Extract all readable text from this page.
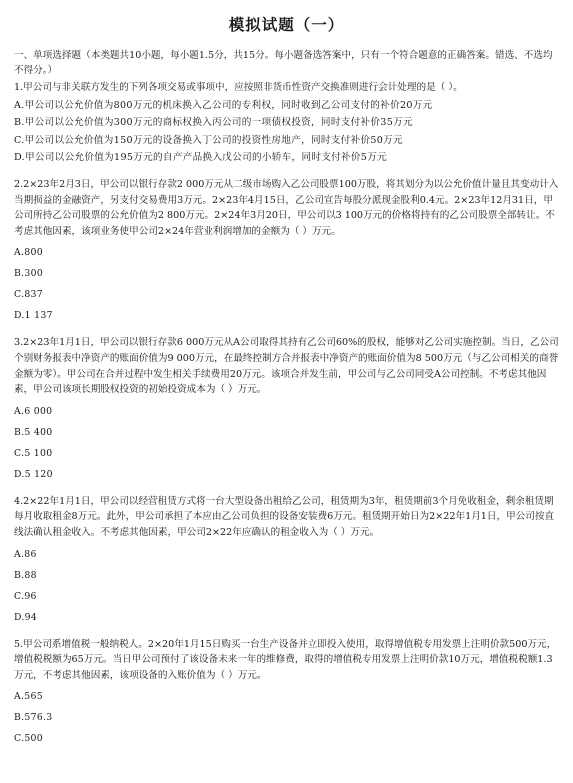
模拟试题（一）
一、单项选择题（本类题共10小题，每小题1.5分，共15分。每小题备选答案中，只有一个符合题意的正确答案。错选、不选均不得分。）
1.甲公司与非关联方发生的下列各项交易或事项中，应按照非货币性资产交换准则进行会计处理的是（ ）。
A.甲公司以公允价值为800万元的机床换入乙公司的专利权，同时收到乙公司支付的补价20万元
B.甲公司以公允价值为300万元的商标权换入丙公司的一项债权投资，同时支付补价35万元
C.甲公司以公允价值为150万元的设备换入丁公司的投资性房地产，同时支付补价50万元
D.甲公司以公允价值为195万元的自产产品换入戊公司的小轿车，同时支付补价5万元
2.2×23年2月3日，甲公司以银行存款2 000万元从二级市场购入乙公司股票100万股，将其划分为以公允价值计量且其变动计入当期损益的金融资产，另支付交易费用3万元。2×23年4月15日，乙公司宣告每股分派现金股利0.4元。2×23年12月31日，甲公司所持乙公司股票的公允价值为2 800万元。2×24年3月20日，甲公司以3 100万元的价格将持有的乙公司股票全部转让。不考虑其他因素，该项业务使甲公司2×24年营业利润增加的金额为（ ）万元。
A.800
B.300
C.837
D.1 137
3.2×23年1月1日，甲公司以银行存款6 000万元从A公司取得其持有乙公司60%的股权，能够对乙公司实施控制。当日，乙公司个别财务报表中净资产的账面价值为9 000万元，在最终控制方合并报表中净资产的账面价值为8 500万元（与乙公司相关的商誉金额为零）。甲公司在合并过程中发生相关手续费用20万元。该项合并发生前，甲公司与乙公司同受A公司控制。不考虑其他因素，甲公司该项长期股权投资的初始投资成本为（ ）万元。
A.6 000
B.5 400
C.5 100
D.5 120
4.2×22年1月1日，甲公司以经营租赁方式将一台大型设备出租给乙公司，租赁期为3年，租赁期前3个月免收租金，剩余租赁期每月收取租金8万元。此外，甲公司承担了本应由乙公司负担的设备安装费6万元。租赁期开始日为2×22年1月1日，甲公司按直线法确认租金收入。不考虑其他因素，甲公司2×22年应确认的租金收入为（ ）万元。
A.86
B.88
C.96
D.94
5.甲公司系增值税一般纳税人。2×20年1月15日购买一台生产设备并立即投入使用，取得增值税专用发票上注明价款500万元，增值税税额为65万元。当日甲公司预付了该设备未来一年的维修费，取得的增值税专用发票上注明价款10万元，增值税税额1.3万元，不考虑其他因素，该项设备的入账价值为（ ）万元。
A.565
B.576.3
C.500
